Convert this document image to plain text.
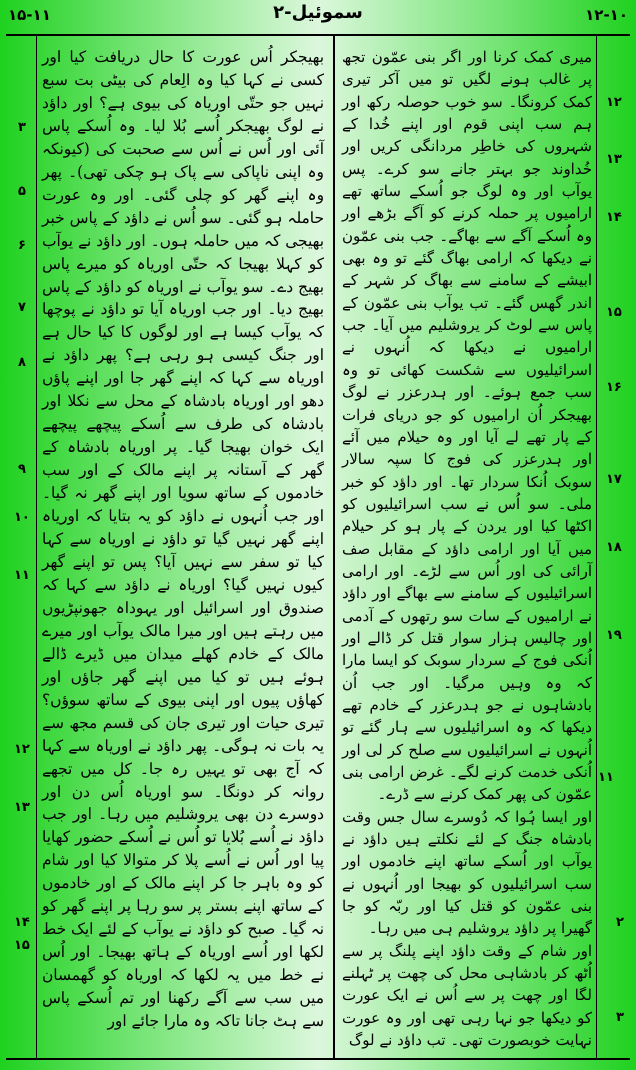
۱۵-۱۱	۲-سموئیل	۱۲-۱۰

میری کمک کرنا اور اگر بنی عمّون تجھ پر غالب ہونے لگیں تو میں آکر تیری کمک کرونگا۔ سو خوب حوصلہ رکھ اور ہم سب اپنی قوم اور اپنے خُدا کے شہروں کی خاطِر مردانگی کریں اور خُداوند جو بہتر جانے سو کرے۔ پس یوآب اور وہ لوگ جو اُسکے ساتھ تھے ارامیوں پر حملہ کرنے کو آگے بڑھے اور وہ اُسکے آگے سے بھاگے۔ جب بنی عمّون نے دیکھا کہ ارامی بھاگ گئے تو وہ بھی ابیشے کے سامنے سے بھاگ کر شہر کے اندر گھس گئے۔ تب یوآب بنی عمّون کے پاس سے لوٹ کر یروشلیم میں آیا۔ جب ارامیوں نے دیکھا کہ اُنہوں نے اسرائیلیوں سے شکست کھائی تو وہ سب جمع ہوئے۔ اور ہدرعزر نے لوگ بھیجکر اُن ارامیوں کو جو دریای فرات کے پار تھے لے آیا اور وہ حیلام میں آئے اور ہدرعزر کی فوج کا سپہ سالار سوبک اُنکا سردار تھا۔ اور داؤد کو خبر ملی۔ سو اُس نے سب اسرائیلیوں کو اکٹھا کیا اور یردن کے پار ہو کر حیلام میں آیا اور ارامی داؤد کے مقابل صف آرائی کی اور اُس سے لڑے۔ اور ارامی اسرائیلیوں کے سامنے سے بھاگے اور داؤد نے ارامیوں کے سات سو رتھوں کے آدمی اور چالیس ہزار سوار قتل کر ڈالے اور اُنکی فوج کے سردار سوبک کو ایسا مارا کہ وہ وہیں مرگیا۔ اور جب اُن بادشاہوں نے جو ہدرعزر کے خادم تھے دیکھا کہ وہ اسرائیلیوں سے ہار گئے تو اُنہوں نے اسرائیلیوں سے صلح کر لی اور اُنکی خدمت کرنے لگے۔ غرض ارامی بنی عمّون کی پھر کمک کرنے سے ڈرے۔

اور ایسا ہُوا کہ دُوسرے سال جس وقت بادشاہ جنگ کے لئے نکلتے ہیں داؤد نے یوآب اور اُسکے ساتھ اپنے خادموں اور سب اسرائیلیوں کو بھیجا اور اُنہوں نے بنی عمّون کو قتل کیا اور ربّہ کو جا گھیرا پر داؤد یروشلیم ہی میں رہا۔

اور شام کے وقت داؤد اپنے پلنگ پر سے اُٹھ کر بادشاہی محل کی چھت پر ٹہلنے لگا اور چھت پر سے اُس نے ایک عورت کو دیکھا جو نہا رہی تھی اور وہ عورت نہایت خوبصورت تھی۔ تب داؤد نے لوگ

بھیجکر اُس عورت کا حال دریافت کیا اور کسی نے کہا کیا وہ الِعام کی بیٹی بت سبع نہیں جو حتّی اوریاہ کی بیوی ہے؟ اور داؤد نے لوگ بھیجکر اُسے بُلا لیا۔ وہ اُسکے پاس آئی اور اُس نے اُس سے صحبت کی (کیونکہ وہ اپنی ناپاکی سے پاک ہو چکی تھی)۔ پھر وہ اپنے گھر کو چلی گئی۔ اور وہ عورت حاملہ ہو گئی۔ سو اُس نے داؤد کے پاس خبر بھیجی کہ میں حاملہ ہوں۔ اور داؤد نے یوآب کو کہلا بھیجا کہ حتّی اوریاہ کو میرے پاس بھیج دے۔ سو یوآب نے اوریاہ کو داؤد کے پاس بھیج دیا۔ اور جب اوریاہ آیا تو داؤد نے پوچھا کہ یوآب کیسا ہے اور لوگوں کا کیا حال ہے اور جنگ کیسی ہو رہی ہے؟ پھر داؤد نے اوریاہ سے کہا کہ اپنے گھر جا اور اپنے پاؤں دھو اور اوریاہ بادشاہ کے محل سے نکلا اور بادشاہ کی طرف سے اُسکے پیچھے پیچھے ایک خوان بھیجا گیا۔ پر اوریاہ بادشاہ کے گھر کے آستانہ پر اپنے مالک کے اور سب خادموں کے ساتھ سویا اور اپنے گھر نہ گیا۔ اور جب اُنہوں نے داؤد کو یہ بتایا کہ اوریاہ اپنے گھر نہیں گیا تو داؤد نے اوریاہ سے کہا کیا تو سفر سے نہیں آیا؟ پس تو اپنے گھر کیوں نہیں گیا؟ اوریاہ نے داؤد سے کہا کہ صندوق اور اسرائیل اور یہوداہ جھونپڑیوں میں رہتے ہیں اور میرا مالک یوآب اور میرے مالک کے خادم کھلے میدان میں ڈیرے ڈالے ہوئے ہیں تو کیا میں اپنے گھر جاؤں اور کھاؤں پیوں اور اپنی بیوی کے ساتھ سوؤں؟ تیری حیات اور تیری جان کی قسم مجھ سے یہ بات نہ ہوگی۔ پھر داؤد نے اوریاہ سے کہا کہ آج بھی تو یہیں رہ جا۔ کل میں تجھے روانہ کر دونگا۔ سو اوریاہ اُس دن اور دوسرے دن بھی یروشلیم میں رہا۔ اور جب داؤد نے اُسے بُلایا تو اُس نے اُسکے حضور کھایا پیا اور اُس نے اُسے پلا کر متوالا کیا اور شام کو وہ باہر جا کر اپنے مالک کے اور خادموں کے ساتھ اپنے بستر پر سو رہا پر اپنے گھر کو نہ گیا۔ صبح کو داؤد نے یوآب کے لئے ایک خط لکھا اور اُسے اوریاہ کے ہاتھ بھیجا۔ اور اُس نے خط میں یہ لکھا کہ اوریاہ کو گھمسان میں سب سے آگے رکھنا اور تم اُسکے پاس سے ہٹ جانا تاکہ وہ مارا جائے اور

۱۲
۱۳
۱۴
۱۵
۱۶
۱۷
۱۸
۱۹
۱۱
۲
۳
۳
۵
۶
۷
۸
۹
۱۰
۱۱
۱۲
۱۳
۱۴
۱۵
